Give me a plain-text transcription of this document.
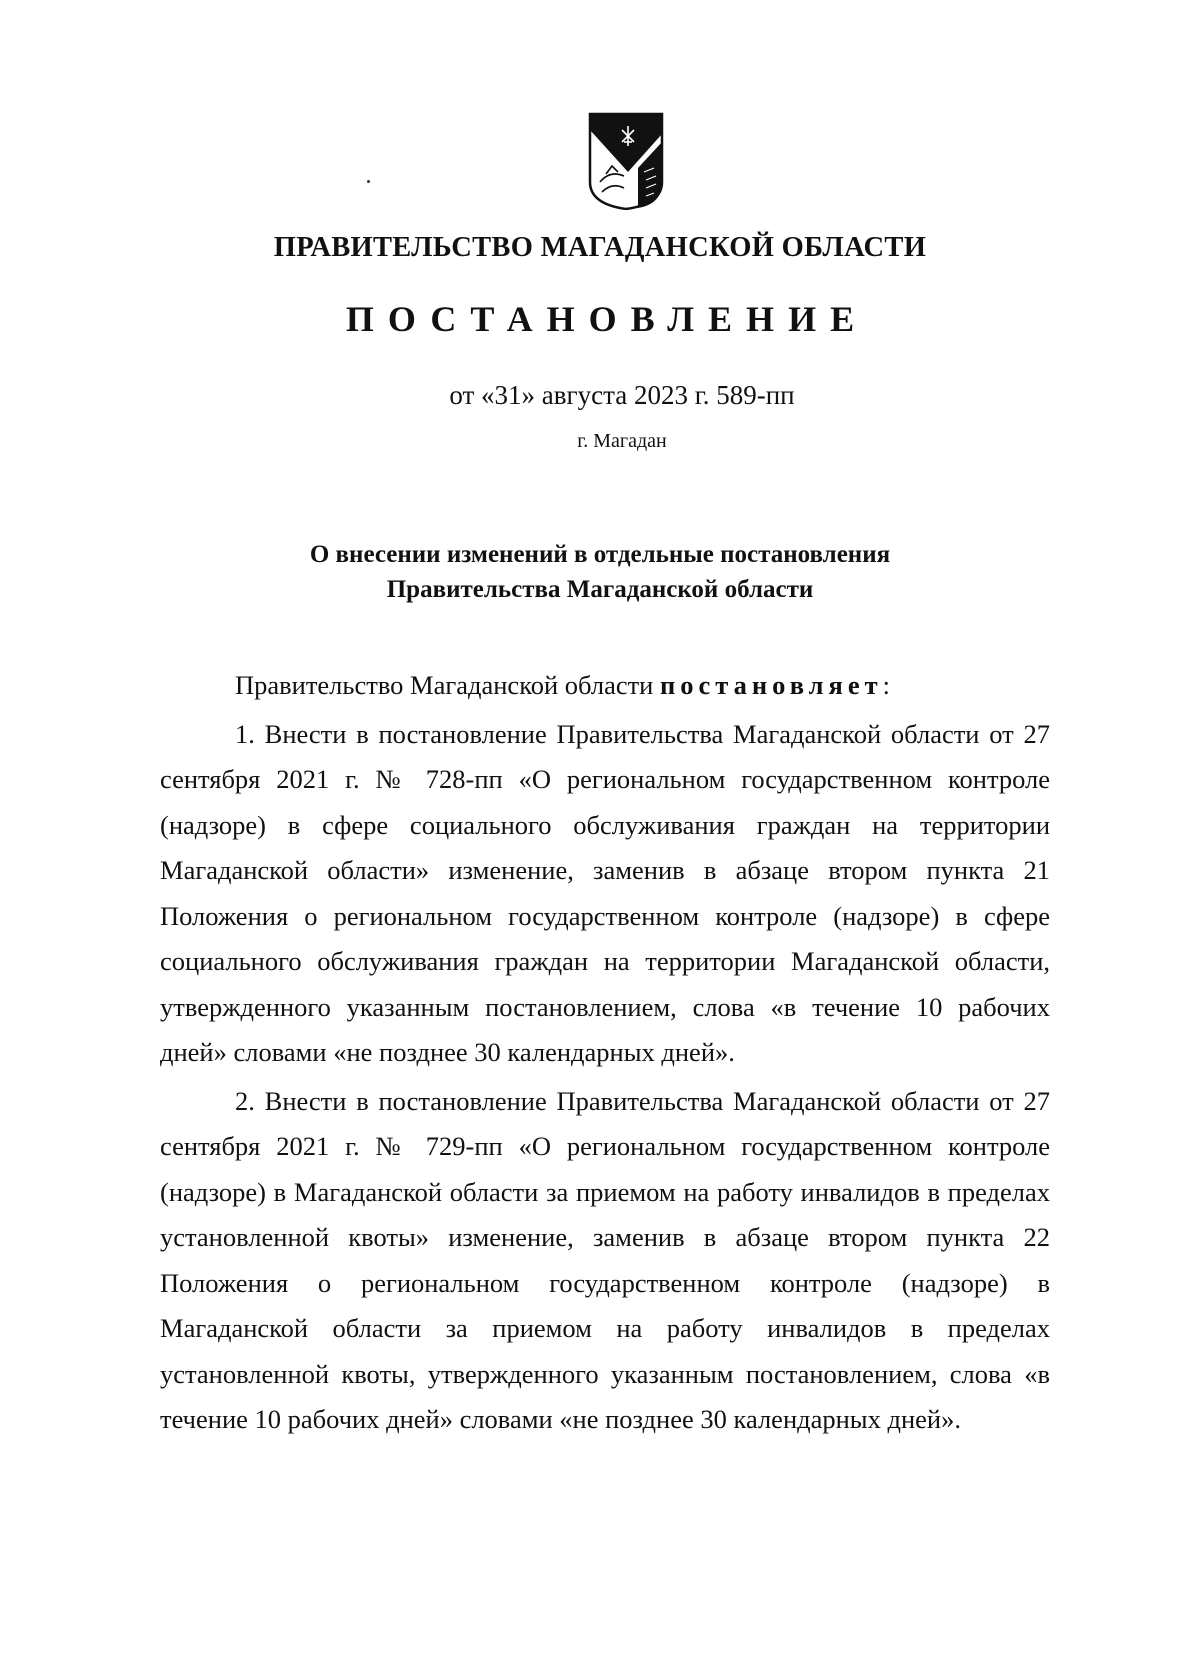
ПРАВИТЕЛЬСТВО МАГАДАНСКОЙ ОБЛАСТИ
ПОСТАНОВЛЕНИЕ
от «31» августа 2023 г. 589-пп
г. Магадан
О внесении изменений в отдельные постановления
Правительства Магаданской области

Правительство Магаданской области постановляет:

1. Внести в постановление Правительства Магаданской области от 27 сентября 2021 г. № 728-пп «О региональном государственном контроле (надзоре) в сфере социального обслуживания граждан на территории Магаданской области» изменение, заменив в абзаце втором пункта 21 Положения о региональном государственном контроле (надзоре) в сфере социального обслуживания граждан на территории Магаданской области, утвержденного указанным постановлением, слова «в течение 10 рабочих дней» словами «не позднее 30 календарных дней».

2. Внести в постановление Правительства Магаданской области от 27 сентября 2021 г. № 729-пп «О региональном государственном контроле (надзоре) в Магаданской области за приемом на работу инвалидов в пределах установленной квоты» изменение, заменив в абзаце втором пункта 22 Положения о региональном государственном контроле (надзоре) в Магаданской области за приемом на работу инвалидов в пределах установленной квоты, утвержденного указанным постановлением, слова «в течение 10 рабочих дней» словами «не позднее 30 календарных дней».
